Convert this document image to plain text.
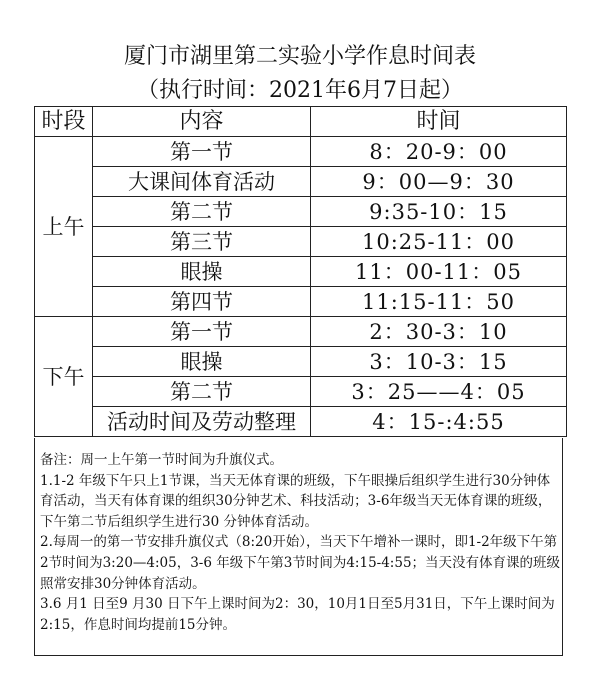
厦门市湖里第二实验小学作息时间表
（执行时间：2021年6月7日起）
时段	内容	时间
上午	第一节	8：20-9：00
	大课间体育活动	9：00—9：30
	第二节	9:35-10：15
	第三节	10:25-11：00
	眼操	11：00-11：05
	第四节	11:15-11：50
下午	第一节	2：30-3：10
	眼操	3：10-3：15
	第二节	3：25——4：05
	活动时间及劳动整理	4：15-:4:55

备注：周一上午第一节时间为升旗仪式。

1.1-2 年级下午只上1节课，当天无体育课的班级，下午眼操后组织学生进行30分钟体育活动，当天有体育课的组织30分钟艺术、科技活动；3-6年级当天无体育课的班级，下午第二节后组织学生进行30 分钟体育活动。

2.每周一的第一节安排升旗仪式（8:20开始），当天下午增补一课时，即1-2年级下午第2节时间为3:20—4:05，3-6 年级下午第3节时间为4:15-4:55；当天没有体育课的班级照常安排30分钟体育活动。

3.6 月1 日至9 月30 日下午上课时间为2：30，10月1日至5月31日，下午上课时间为2:15，作息时间均提前15分钟。
